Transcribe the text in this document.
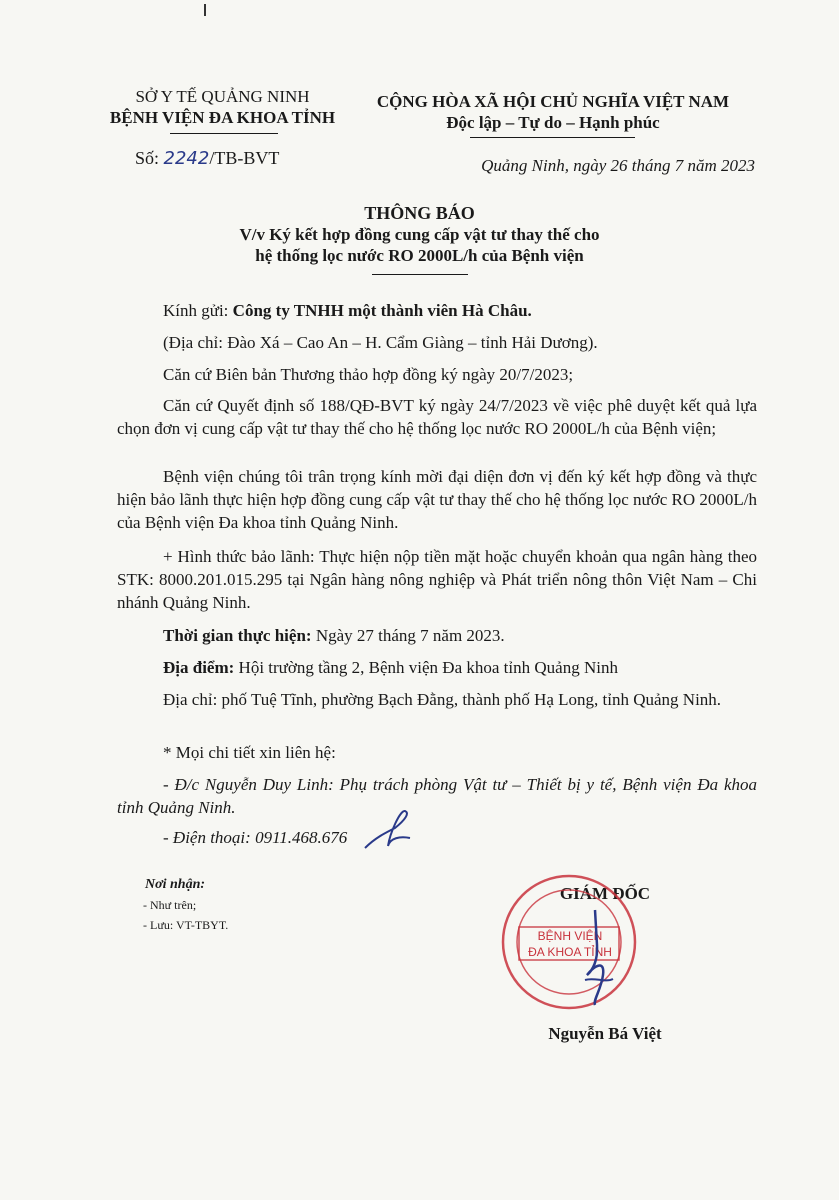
SỞ Y TẾ QUẢNG NINH
BỆNH VIỆN ĐA KHOA TỈNH
Số: 2242/TB-BVT
CỘNG HÒA XÃ HỘI CHỦ NGHĨA VIỆT NAM
Độc lập – Tự do – Hạnh phúc
Quảng Ninh, ngày 26 tháng 7 năm 2023
THÔNG BÁO
V/v Ký kết hợp đồng cung cấp vật tư thay thế cho
hệ thống lọc nước RO 2000L/h của Bệnh viện
Kính gửi: Công ty TNHH một thành viên Hà Châu.
(Địa chỉ: Đào Xá – Cao An – H. Cẩm Giàng – tỉnh Hải Dương).
Căn cứ Biên bản Thương thảo hợp đồng ký ngày 20/7/2023;
Căn cứ Quyết định số 188/QĐ-BVT ký ngày 24/7/2023 về việc phê duyệt kết quả lựa chọn đơn vị cung cấp vật tư thay thế cho hệ thống lọc nước RO 2000L/h của Bệnh viện;
Bệnh viện chúng tôi trân trọng kính mời đại diện đơn vị đến ký kết hợp đồng và thực hiện bảo lãnh thực hiện hợp đồng cung cấp vật tư thay thế cho hệ thống lọc nước RO 2000L/h của Bệnh viện Đa khoa tỉnh Quảng Ninh.
+ Hình thức bảo lãnh: Thực hiện nộp tiền mặt hoặc chuyển khoản qua ngân hàng theo STK: 8000.201.015.295 tại Ngân hàng nông nghiệp và Phát triển nông thôn Việt Nam – Chi nhánh Quảng Ninh.
Thời gian thực hiện: Ngày 27 tháng 7 năm 2023.
Địa điểm: Hội trường tầng 2, Bệnh viện Đa khoa tỉnh Quảng Ninh
Địa chỉ: phố Tuệ Tĩnh, phường Bạch Đằng, thành phố Hạ Long, tỉnh Quảng Ninh.
* Mọi chi tiết xin liên hệ:
- Đ/c Nguyễn Duy Linh: Phụ trách phòng Vật tư – Thiết bị y tế, Bệnh viện Đa khoa tỉnh Quảng Ninh.
- Điện thoại: 0911.468.676
Nơi nhận:
- Như trên;
- Lưu: VT-TBYT.
GIÁM ĐỐC
BỆNH VIỆN
ĐA KHOA TỈNH
Nguyễn Bá Việt
